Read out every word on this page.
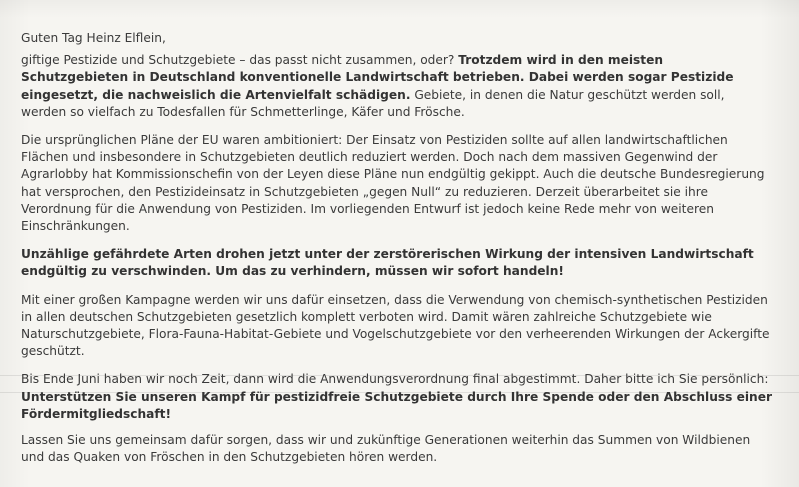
Guten Tag Heinz Elflein,

giftige Pestizide und Schutzgebiete – das passt nicht zusammen, oder? Trotzdem wird in den meisten Schutzgebieten in Deutschland konventionelle Landwirtschaft betrieben. Dabei werden sogar Pestizide eingesetzt, die nachweislich die Artenvielfalt schädigen. Gebiete, in denen die Natur geschützt werden soll, werden so vielfach zu Todesfallen für Schmetterlinge, Käfer und Frösche.

Die ursprünglichen Pläne der EU waren ambitioniert: Der Einsatz von Pestiziden sollte auf allen landwirtschaftlichen Flächen und insbesondere in Schutzgebieten deutlich reduziert werden. Doch nach dem massiven Gegenwind der Agrarlobby hat Kommissionschefin von der Leyen diese Pläne nun endgültig gekippt. Auch die deutsche Bundesregierung hat versprochen, den Pestizideinsatz in Schutzgebieten „gegen Null“ zu reduzieren. Derzeit überarbeitet sie ihre Verordnung für die Anwendung von Pestiziden. Im vorliegenden Entwurf ist jedoch keine Rede mehr von weiteren Einschränkungen.

Unzählige gefährdete Arten drohen jetzt unter der zerstörerischen Wirkung der intensiven Landwirtschaft endgültig zu verschwinden. Um das zu verhindern, müssen wir sofort handeln!

Mit einer großen Kampagne werden wir uns dafür einsetzen, dass die Verwendung von chemisch-synthetischen Pestiziden in allen deutschen Schutzgebieten gesetzlich komplett verboten wird. Damit wären zahlreiche Schutzgebiete wie Naturschutzgebiete, Flora-Fauna-Habitat-Gebiete und Vogelschutzgebiete vor den verheerenden Wirkungen der Ackergifte geschützt.

Bis Ende Juni haben wir noch Zeit, dann wird die Anwendungsverordnung final abgestimmt. Daher bitte ich Sie persönlich: Unterstützen Sie unseren Kampf für pestizidfreie Schutzgebiete durch Ihre Spende oder den Abschluss einer Fördermitgliedschaft!

Lassen Sie uns gemeinsam dafür sorgen, dass wir und zukünftige Generationen weiterhin das Summen von Wildbienen und das Quaken von Fröschen in den Schutzgebieten hören werden.
